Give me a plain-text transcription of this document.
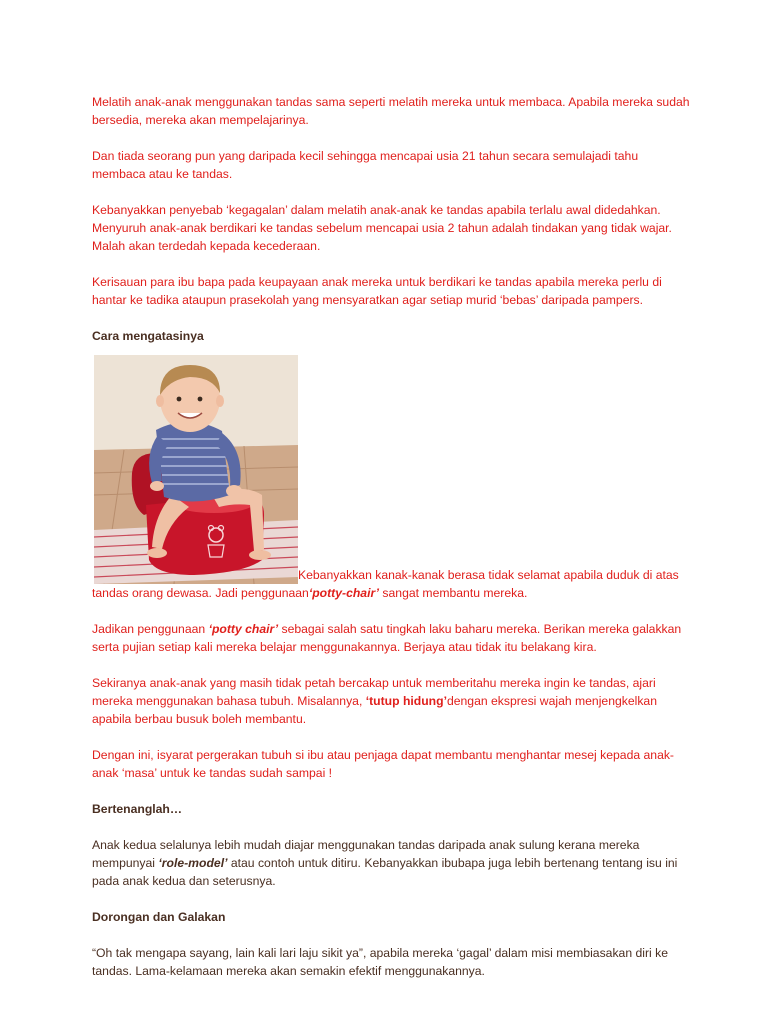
Melatih anak-anak menggunakan tandas sama seperti melatih mereka untuk membaca. Apabila mereka sudah bersedia, mereka akan mempelajarinya.

Dan tiada seorang pun yang daripada kecil sehingga mencapai usia 21 tahun secara semulajadi tahu membaca atau ke tandas.

Kebanyakkan penyebab ‘kegagalan’ dalam melatih anak-anak ke tandas apabila terlalu awal didedahkan. Menyuruh anak-anak berdikari ke tandas sebelum mencapai usia 2 tahun adalah tindakan yang tidak wajar. Malah akan terdedah kepada kecederaan.

Kerisauan para ibu bapa pada keupayaan anak mereka untuk berdikari ke tandas apabila mereka perlu di hantar ke tadika ataupun prasekolah yang mensyaratkan agar setiap murid ‘bebas’ daripada pampers.

Cara mengatasinya

Kebanyakkan kanak-kanak berasa tidak selamat apabila duduk di atas tandas orang dewasa. Jadi penggunaan‘potty-chair’ sangat membantu mereka.

Jadikan penggunaan ‘potty chair’ sebagai salah satu tingkah laku baharu mereka. Berikan mereka galakkan serta pujian setiap kali mereka belajar menggunakannya. Berjaya atau tidak itu belakang kira.

Sekiranya anak-anak yang masih tidak petah bercakap untuk memberitahu mereka ingin ke tandas, ajari mereka menggunakan bahasa tubuh. Misalannya, ‘tutup hidung’dengan ekspresi wajah menjengkelkan apabila berbau busuk boleh membantu.

Dengan ini, isyarat pergerakan tubuh si ibu atau penjaga dapat membantu menghantar mesej kepada anak-anak ‘masa’ untuk ke tandas sudah sampai !

Bertenanglah…

Anak kedua selalunya lebih mudah diajar menggunakan tandas daripada anak sulung kerana mereka mempunyai ‘role-model’ atau contoh untuk ditiru. Kebanyakkan ibubapa juga lebih bertenang tentang isu ini pada anak kedua dan seterusnya.

Dorongan dan Galakan

“Oh tak mengapa sayang, lain kali lari laju sikit ya”, apabila mereka ‘gagal’ dalam misi membiasakan diri ke tandas. Lama-kelamaan mereka akan semakin efektif menggunakannya.
